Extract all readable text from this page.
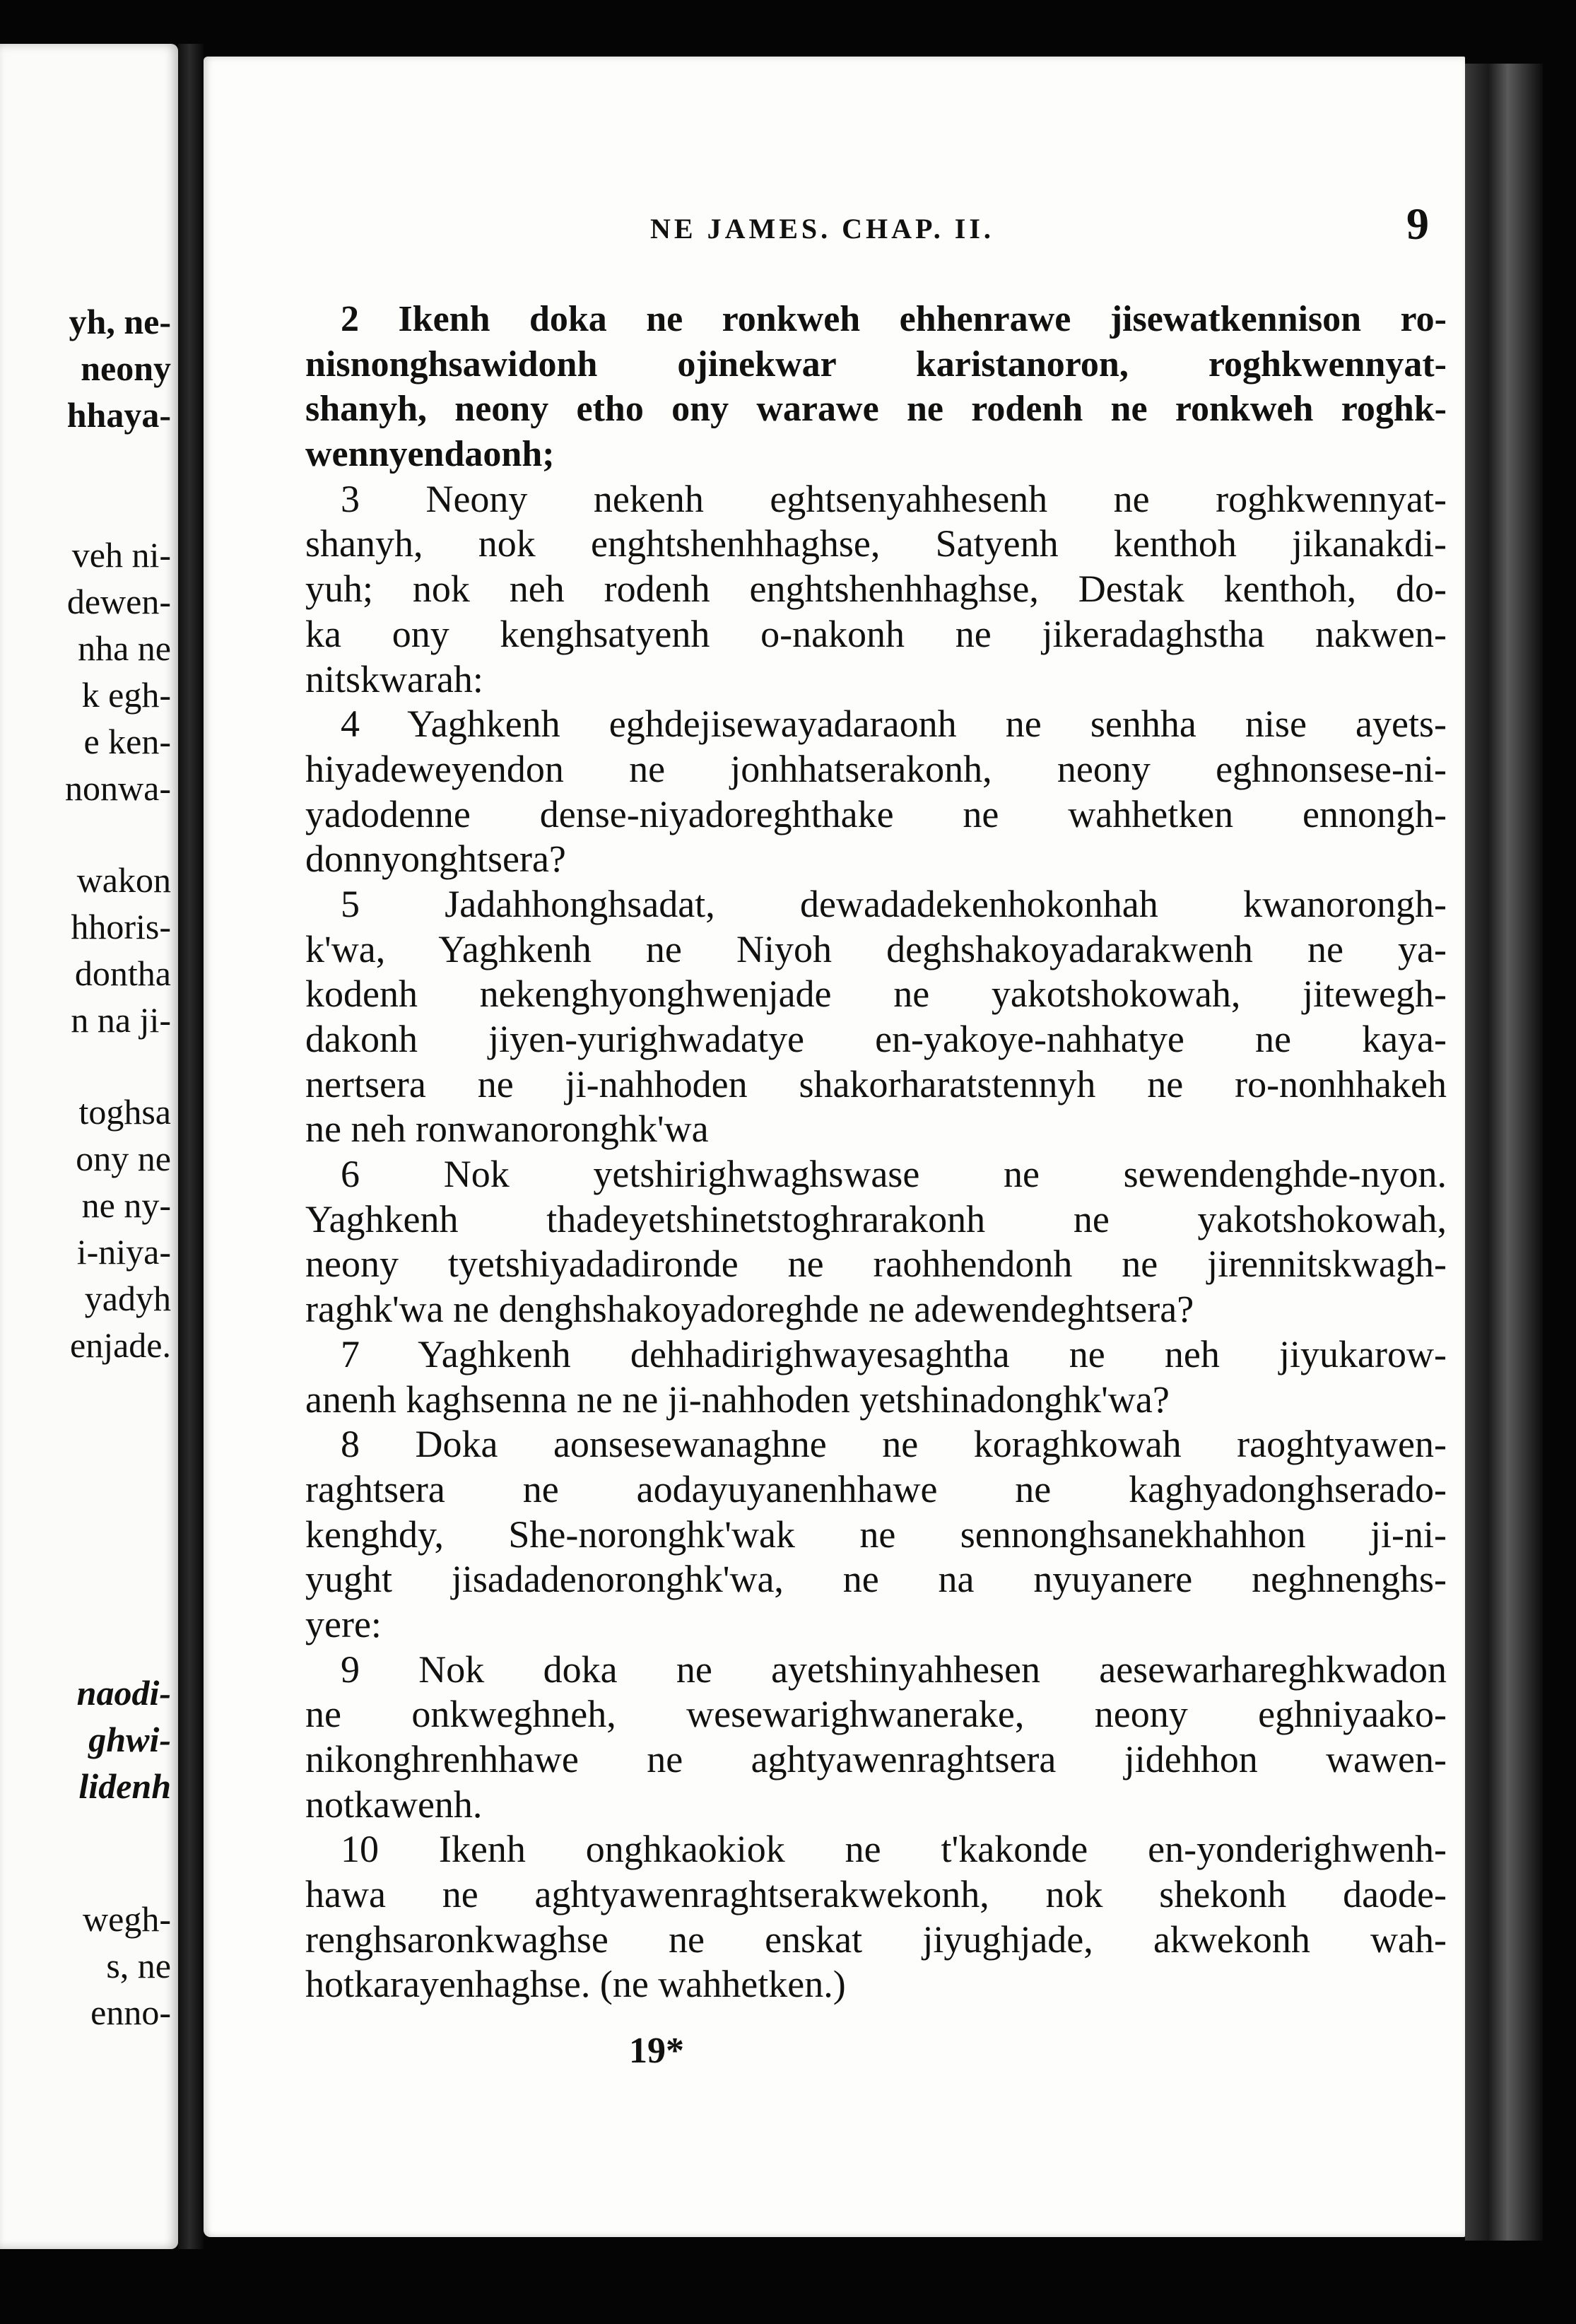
yh, ne-
neony
hhaya-
veh ni-
dewen-
nha ne
k egh-
e ken-
nonwa-
wakon
hhoris-
dontha
n na ji-
toghsa
ony ne
ne ny-
i-niya-
yadyh
enjade.
naodi-
ghwi-
lidenh
wegh-
s, ne
enno-
NE JAMES. CHAP. II.	9
2 Ikenh doka ne ronkweh ehhenrawe jisewatkennison ro-
nisnonghsawidonh ojinekwar karistanoron, roghkwennyat-
shanyh, neony etho ony warawe ne rodenh ne ronkweh roghk-
wennyendaonh;
3 Neony nekenh eghtsenyahhesenh ne roghkwennyat-
shanyh, nok enghtshenhhaghse, Satyenh kenthoh jikanakdi-
yuh; nok neh rodenh enghtshenhhaghse, Destak kenthoh, do-
ka ony kenghsatyenh o-nakonh ne jikeradaghstha nakwen-
nitskwarah:
4 Yaghkenh eghdejisewayadaraonh ne senhha nise ayets-
hiyadeweyendon ne jonhhatserakonh, neony eghnonsese-ni-
yadodenne dense-niyadoreghthake ne wahhetken ennongh-
donnyonghtsera?
5 Jadahhonghsadat, dewadadekenhokonhah kwanorongh-
k'wa, Yaghkenh ne Niyoh deghshakoyadarakwenh ne ya-
kodenh nekenghyonghwenjade ne yakotshokowah, jitewegh-
dakonh jiyen-yurighwadatye en-yakoye-nahhatye ne kaya-
nertsera ne ji-nahhoden shakorharatstennyh ne ro-nonhhakeh
ne neh ronwanoronghk'wa
6 Nok yetshirighwaghswase ne sewendenghde-nyon.
Yaghkenh thadeyetshinetstoghrarakonh ne yakotshokowah,
neony tyetshiyadadironde ne raohhendonh ne jirennitskwagh-
raghk'wa ne denghshakoyadoreghde ne adewendeghtsera?
7 Yaghkenh dehhadirighwayesaghtha ne neh jiyukarow-
anenh kaghsenna ne ne ji-nahhoden yetshinadonghk'wa?
8 Doka aonsesewanaghne ne koraghkowah raoghtyawen-
raghtsera ne aodayuyanenhhawe ne kaghyadonghserado-
kenghdy, She-noronghk'wak ne sennonghsanekhahhon ji-ni-
yught jisadadenoronghk'wa, ne na nyuyanere neghnenghs-
yere:
9 Nok doka ne ayetshinyahhesen aesewarhareghkwadon
ne onkweghneh, wesewarighwanerake, neony eghniyaako-
nikonghrenhhawe ne aghtyawenraghtsera jidehhon wawen-
notkawenh.
10 Ikenh onghkaokiok ne t'kakonde en-yonderighwenh-
hawa ne aghtyawenraghtserakwekonh, nok shekonh daode-
renghsaronkwaghse ne enskat jiyughjade, akwekonh wah-
hotkarayenhaghse. (ne wahhetken.)
19*
